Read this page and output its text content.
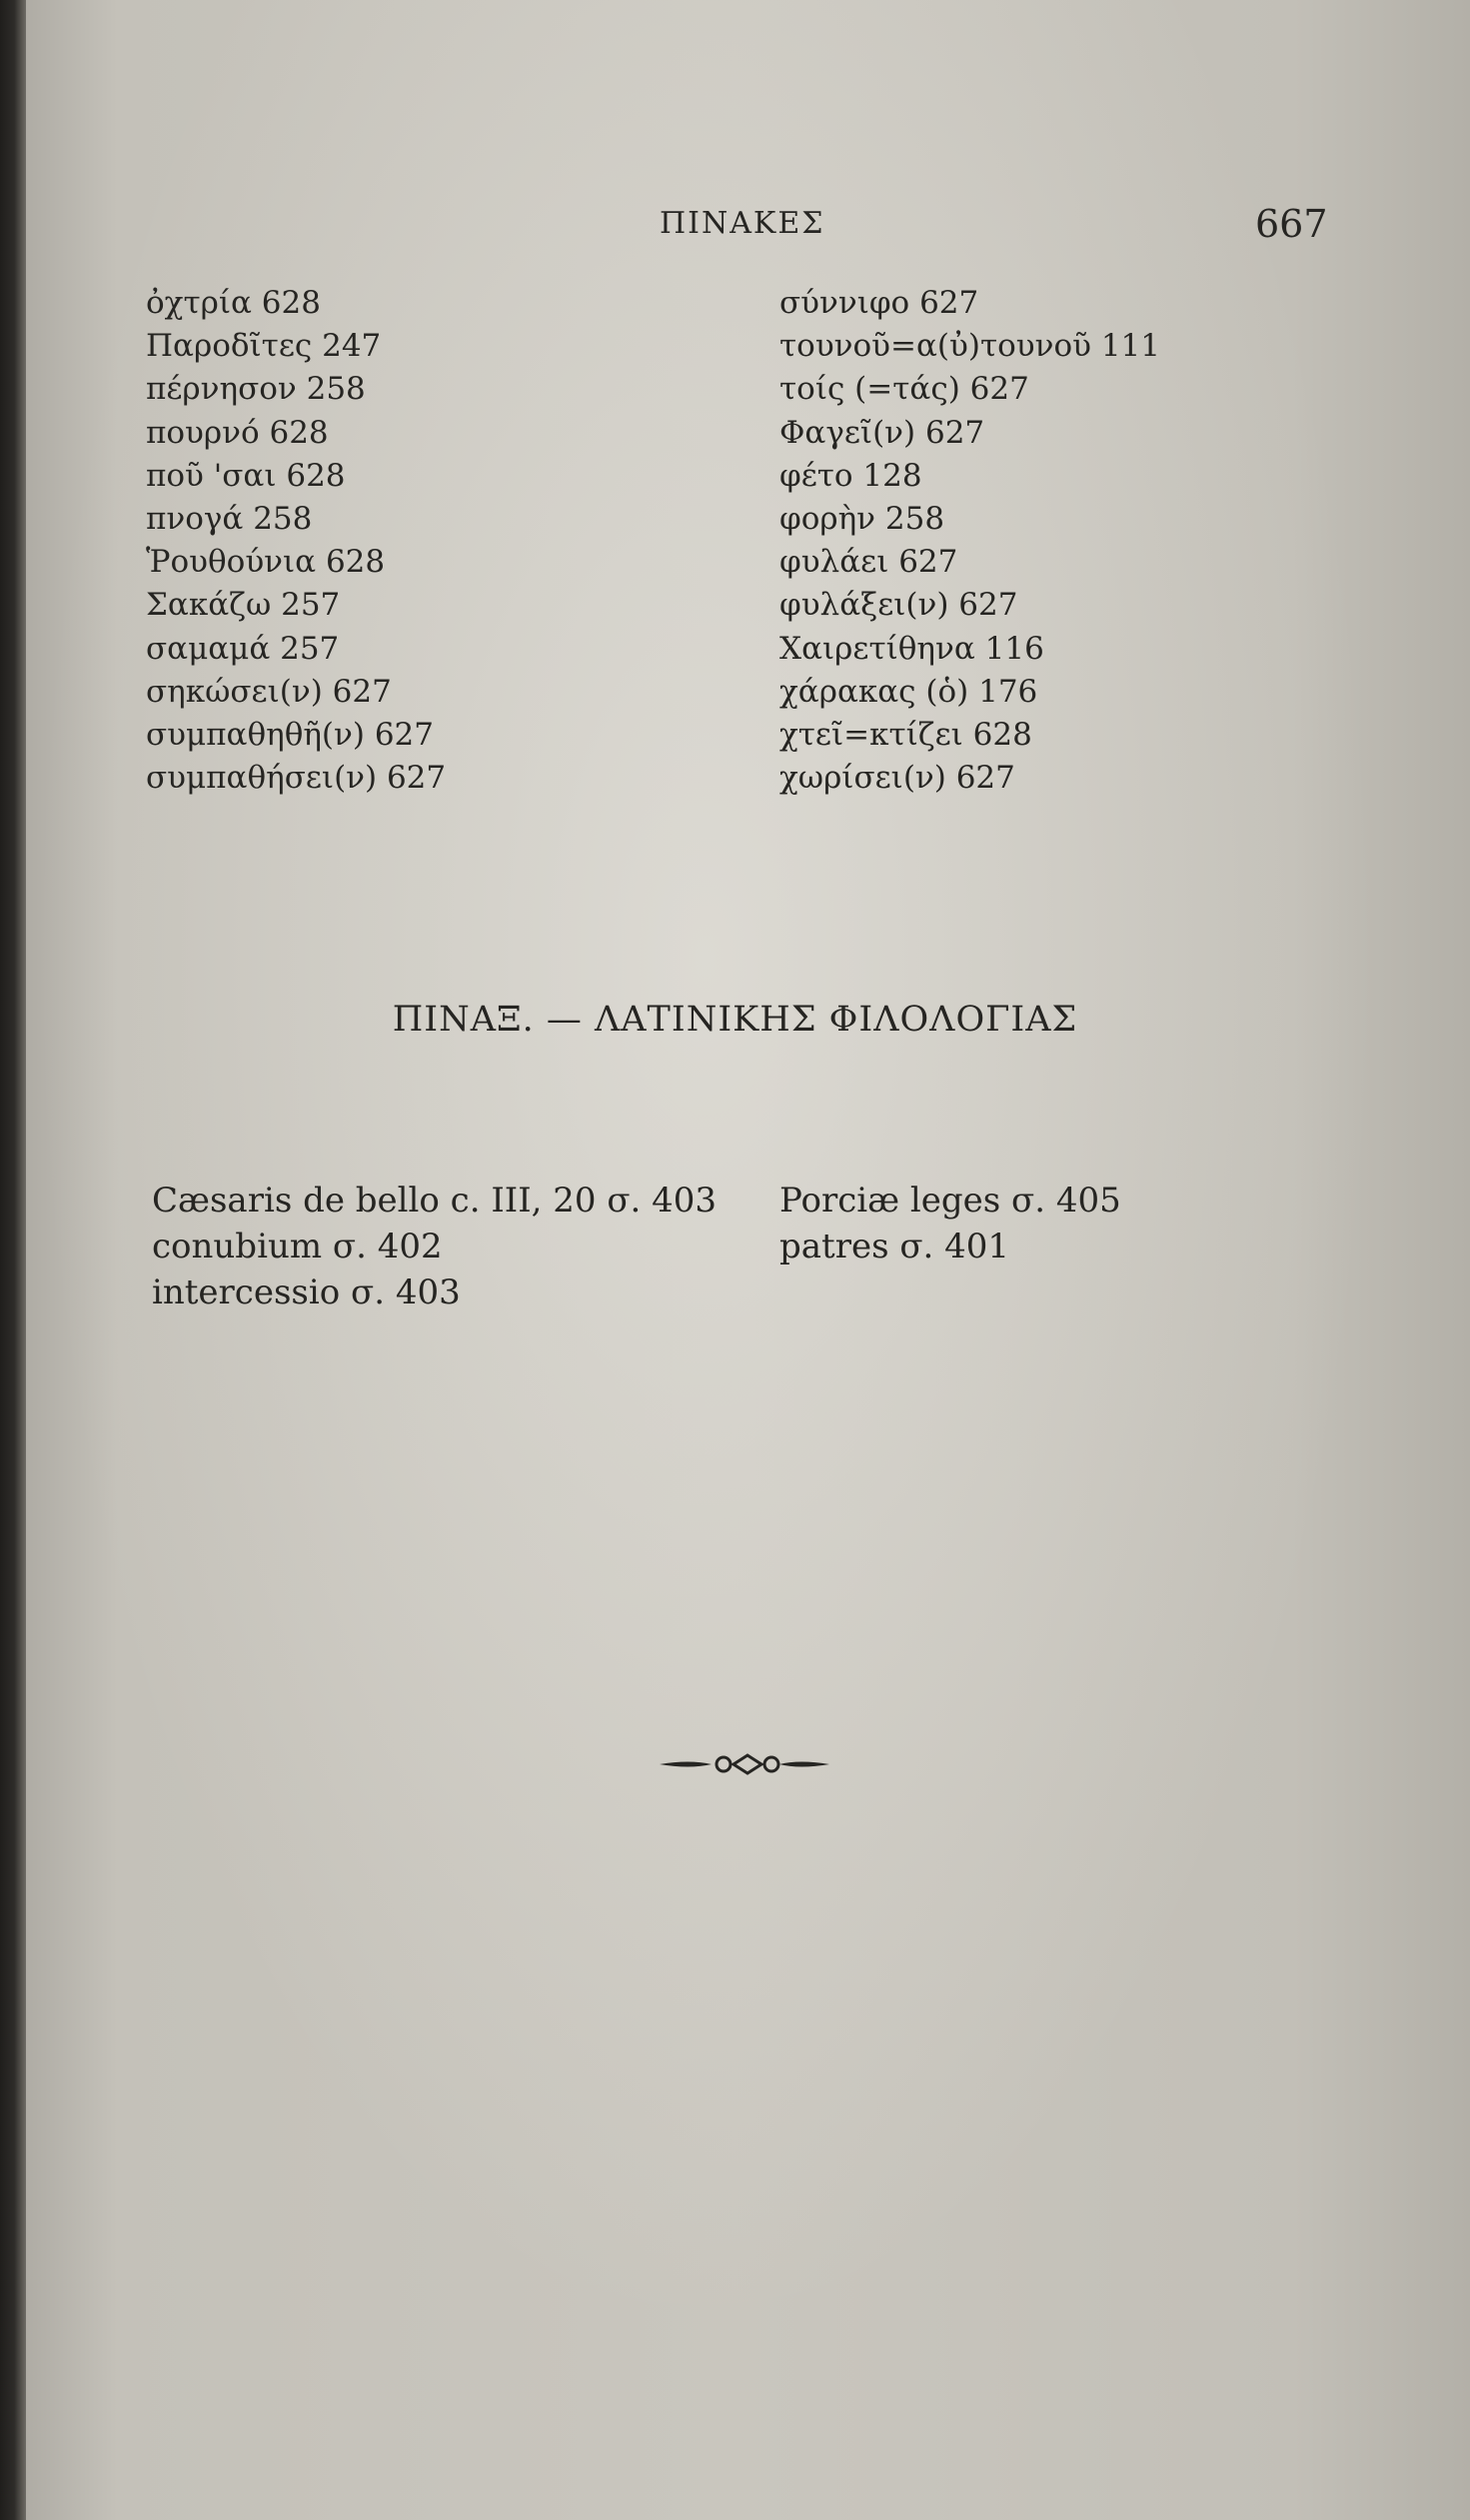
ΠΙΝΑΚΕΣ	667
ὀχτρία 628
Παροδῖτες 247
πέρνησον 258
πουρνό 628
ποῦ 'σαι 628
πνογά 258
Ῥουθούνια 628
Σακάζω 257
σαμαμά 257
σηκώσει(ν) 627
συμπαθηθῆ(ν) 627
συμπαθήσει(ν) 627
σύννιφο 627
τουνοῦ=α(ὐ)τουνοῦ 111
τοίς (=τάς) 627
Φαγεῖ(ν) 627
φέτο 128
φορὴν 258
φυλάει 627
φυλάξει(ν) 627
Χαιρετίθηνα 116
χάρακας (ὁ) 176
χτεῖ=κτίζει 628
χωρίσει(ν) 627
ΠΙΝΑΞ. — ΛΑΤΙΝΙΚΗΣ ΦΙΛΟΛΟΓΙΑΣ
Cæsaris de bello c. III, 20 σ. 403
conubium σ. 402
intercessio σ. 403
Porciæ leges σ. 405
patres σ. 401
